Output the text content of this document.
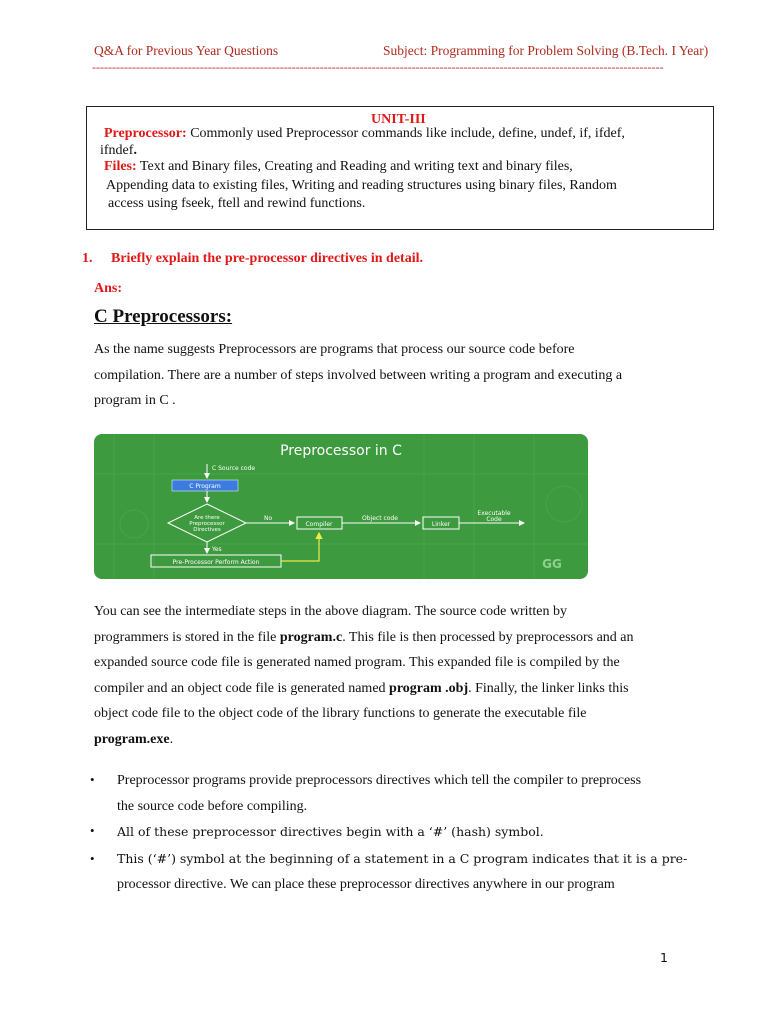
Q&A for Previous Year Questions	Subject: Programming for Problem Solving (B.Tech. I Year)
-----------------------------------------------------------------------------------------------------------------------------------------------
UNIT-III
Preprocessor: Commonly used Preprocessor commands like include, define, undef, if, ifdef,
ifndef.
Files: Text and Binary files, Creating and Reading and writing text and binary files,
Appending data to existing files, Writing and reading structures using binary files, Random
access using fseek, ftell and rewind functions.
1. Briefly explain the pre-processor directives in detail.
Ans:
C Preprocessors:
As the name suggests Preprocessors are programs that process our source code before
compilation. There are a number of steps involved between writing a program and executing a
program in C .
Preprocessor in C
C Source code
C Program
Are there
Preprocessor
Directives
No
Compiler
Object code
Linker
Executable
Code
Yes
Pre-Processor Perform Action	GG
You can see the intermediate steps in the above diagram. The source code written by
programmers is stored in the file program.c. This file is then processed by preprocessors and an
expanded source code file is generated named program. This expanded file is compiled by the
compiler and an object code file is generated named program .obj. Finally, the linker links this
object code file to the object code of the library functions to generate the executable file
program.exe.
• Preprocessor programs provide preprocessors directives which tell the compiler to preprocess
the source code before compiling.
• All of these preprocessor directives begin with a ‘#’ (hash) symbol.
• This (‘#’) symbol at the beginning of a statement in a C program indicates that it is a pre-
processor directive. We can place these preprocessor directives anywhere in our program
1
